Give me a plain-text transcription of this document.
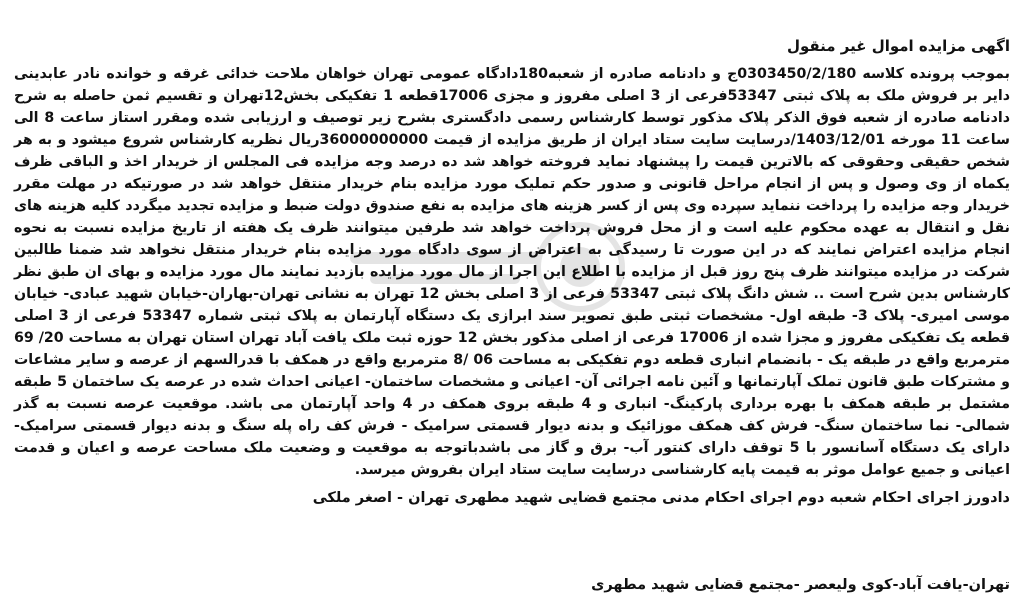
اگهی مزایده اموال غیر منقول

بموجب پرونده کلاسه 0303450/2/180ج و دادنامه صادره از شعبه180دادگاه عمومی تهران خواهان ملاحت خدائی غرقه و خوانده نادر عابدینی دایر بر فروش ملک به پلاک ثبتی 53347فرعی از 3 اصلی مفروز و مجزی 17006قطعه 1 تفکیکی بخش12تهران و تقسیم ثمن حاصله به شرح دادنامه صادره از شعبه فوق الذکر پلاک مذکور توسط کارشناس رسمی دادگستری بشرح زیر توصیف و ارزیابی شده ومقرر استاز ساعت 8 الی ساعت 11 مورخه 1403/12/01/درسایت سایت ستاد ایران از طریق مزایده از قیمت 36000000000ریال نظریه کارشناس شروع میشود و به هر شخص حقیقی وحقوقی که بالاترین قیمت را پیشنهاد نماید فروخته خواهد شد ده درصد وجه مزایده فی المجلس از خریدار اخذ و الباقی ظرف یکماه از وی وصول و پس از انجام مراحل قانونی و صدور حکم تملیک مورد مزایده بنام خریدار منتقل خواهد شد در صورتیکه در مهلت مقرر خریدار وجه مزایده را پرداخت ننماید سپرده وی پس از کسر هزینه های مزایده به نفع صندوق دولت ضبط و مزایده تجدید میگردد کلیه هزینه های نقل و انتقال به عهده محکوم علیه است و از محل فروش پرداخت خواهد شد طرفین میتوانند ظرف یک هفته از تاریخ مزایده نسبت به نحوه انجام مزایده اعتراض نمایند که در این صورت تا رسیدگی به اعتراض از سوی دادگاه مورد مزایده بنام خریدار منتقل نخواهد شد ضمنا طالبین شرکت در مزایده میتوانند ظرف پنج روز قبل از مزایده با اطلاع این اجرا از مال مورد مزایده بازدید نمایند مال مورد مزایده و بهای ان طبق نظر کارشناس بدین شرح است .. شش دانگ پلاک ثبتی 53347 فرعی از 3 اصلی بخش 12 تهران به نشانی تهران-بهاران-خیابان شهید عبادی- خیابان موسی امیری- پلاک 3- طبقه اول- مشخصات ثبتی طبق تصویر سند ابرازی یک دستگاه آپارتمان به پلاک ثبتی شماره 53347 فرعی از 3 اصلی قطعه یک تفکیکی مفروز و مجزا شده از 17006 فرعی از اصلی مذکور بخش 12 حوزه ثبت ملک یافت آباد تهران استان تهران به مساحت 20/ 69 مترمربع واقع در طبقه یک - بانضمام انباری قطعه دوم تفکیکی به مساحت 06 /8 مترمربع واقع در همکف با قدرالسهم از عرصه و سایر مشاعات و مشترکات طبق قانون تملک آپارتمانها و آئین نامه اجرائی آن- اعیانی و مشخصات ساختمان- اعیانی احداث شده در عرصه یک ساختمان 5 طبقه مشتمل بر طبقه همکف با بهره برداری پارکینگ- انباری و 4 طبقه بروی همکف در 4 واحد آپارتمان می باشد. موقعیت عرصه نسبت به گذر شمالی- نما ساختمان سنگ- فرش کف همکف موزائیک و بدنه دیوار قسمتی سرامیک - فرش کف راه پله سنگ و بدنه دیوار قسمتی سرامیک- دارای یک دستگاه آسانسور با 5 توقف دارای کنتور آب- برق و گاز می باشدباتوجه به موقعیت و وضعیت ملک مساحت عرصه و اعیان و قدمت اعیانی و جمیع عوامل موثر به قیمت پایه کارشناسی درسایت سایت ستاد ایران بفروش میرسد.

دادورز اجرای احکام شعبه دوم اجرای احکام مدنی مجتمع قضایی شهید مطهری تهران - اصغر ملکی
تهران-یافت آباد-کوی ولیعصر -مجتمع قضایی شهید مطهری
